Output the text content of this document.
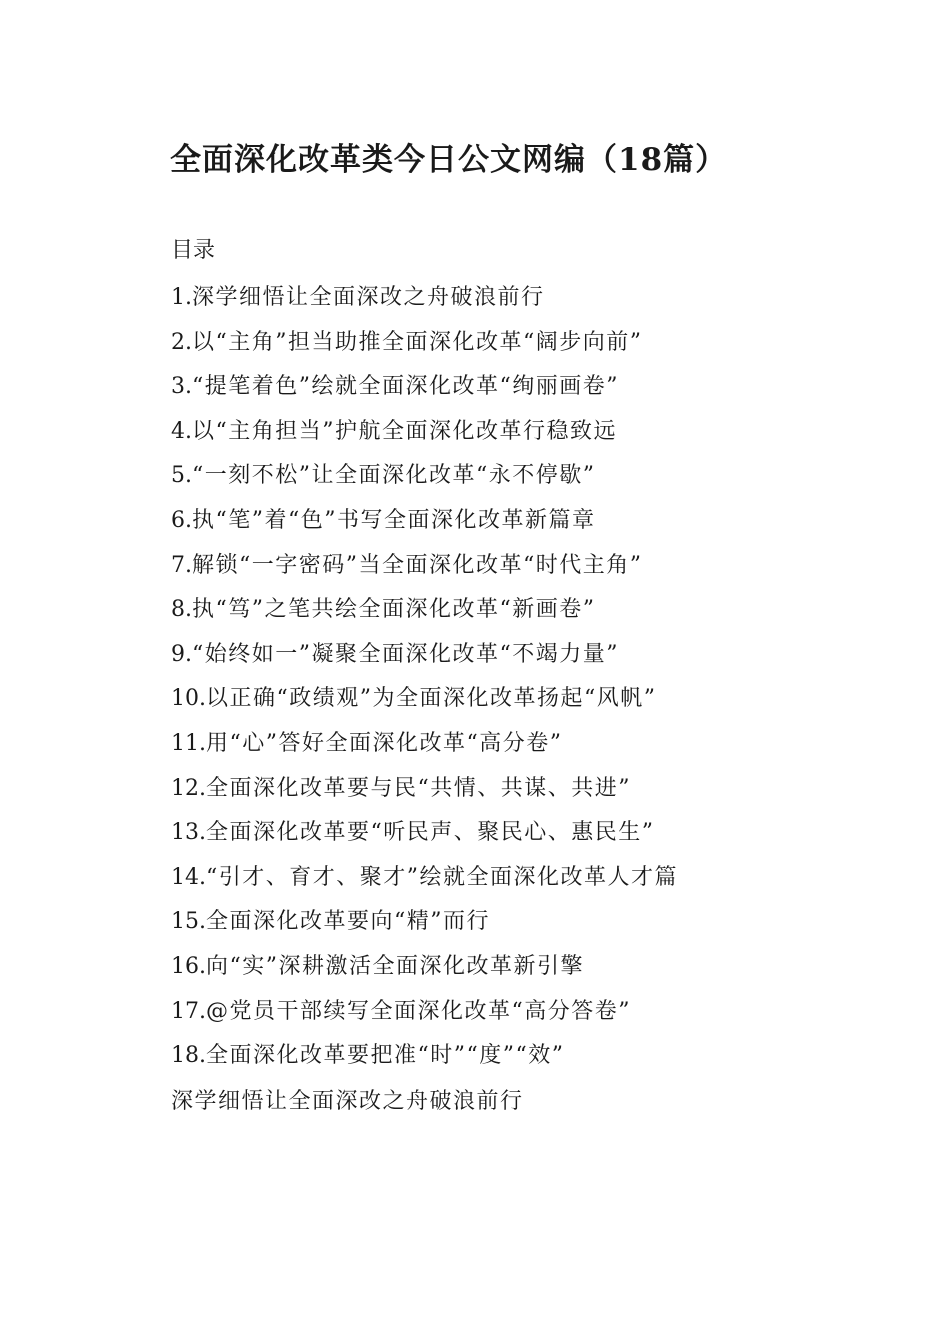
全面深化改革类今日公文网编（18篇）

目录

1.深学细悟让全面深改之舟破浪前行
2.以“主角”担当助推全面深化改革“阔步向前”
3.“提笔着色”绘就全面深化改革“绚丽画卷”
4.以“主角担当”护航全面深化改革行稳致远
5.“一刻不松”让全面深化改革“永不停歇”
6.执“笔”着“色”书写全面深化改革新篇章
7.解锁“一字密码”当全面深化改革“时代主角”
8.执“笃”之笔共绘全面深化改革“新画卷”
9.“始终如一”凝聚全面深化改革“不竭力量”
10.以正确“政绩观”为全面深化改革扬起“风帆”
11.用“心”答好全面深化改革“高分卷”
12.全面深化改革要与民“共情、共谋、共进”
13.全面深化改革要“听民声、聚民心、惠民生”
14.“引才、育才、聚才”绘就全面深化改革人才篇
15.全面深化改革要向“精”而行
16.向“实”深耕激活全面深化改革新引擎
17.@党员干部续写全面深化改革“高分答卷”
18.全面深化改革要把准“时”“度”“效”

深学细悟让全面深改之舟破浪前行
